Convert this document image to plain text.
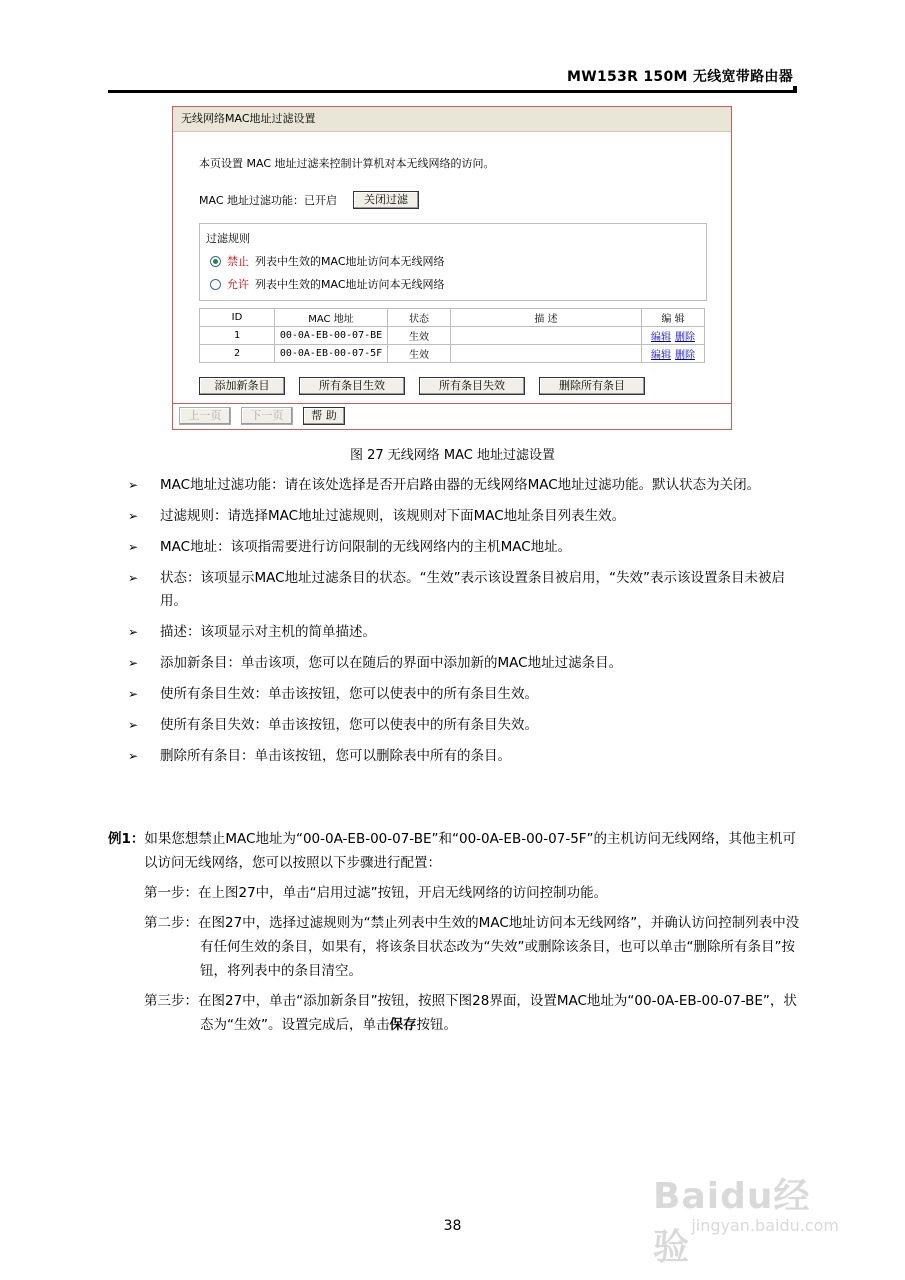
MW153R 150M 无线宽带路由器
无线网络MAC地址过滤设置
本页设置 MAC 地址过滤来控制计算机对本无线网络的访问。
MAC 地址过滤功能：已开启	关闭过滤
过滤规则
禁止 列表中生效的MAC地址访问本无线网络
允许 列表中生效的MAC地址访问本无线网络
ID	MAC 地址	状态	描 述	编 辑
1	00-0A-EB-00-07-BE	生效		编辑 删除
2	00-0A-EB-00-07-5F	生效		编辑 删除
添加新条目	所有条目生效	所有条目失效	删除所有条目
上一页	下一页	帮 助
图 27 无线网络 MAC 地址过滤设置
➢ MAC地址过滤功能：请在该处选择是否开启路由器的无线网络MAC地址过滤功能。默认状态为关闭。
➢ 过滤规则：请选择MAC地址过滤规则，该规则对下面MAC地址条目列表生效。
➢ MAC地址：该项指需要进行访问限制的无线网络内的主机MAC地址。
➢ 状态：该项显示MAC地址过滤条目的状态。“生效”表示该设置条目被启用，“失效”表示该设置条目未被启用。
➢ 描述：该项显示对主机的简单描述。
➢ 添加新条目：单击该项，您可以在随后的界面中添加新的MAC地址过滤条目。
➢ 使所有条目生效：单击该按钮，您可以使表中的所有条目生效。
➢ 使所有条目失效：单击该按钮，您可以使表中的所有条目失效。
➢ 删除所有条目：单击该按钮，您可以删除表中所有的条目。
例1：如果您想禁止MAC地址为“00-0A-EB-00-07-BE”和“00-0A-EB-00-07-5F”的主机访问无线网络，其他主机可以访问无线网络，您可以按照以下步骤进行配置：
第一步：在上图27中，单击“启用过滤”按钮，开启无线网络的访问控制功能。
第二步：在图27中，选择过滤规则为“禁止列表中生效的MAC地址访问本无线网络”，并确认访问控制列表中没有任何生效的条目，如果有，将该条目状态改为“失效”或删除该条目，也可以单击“删除所有条目”按钮，将列表中的条目清空。
第三步：在图27中，单击“添加新条目”按钮，按照下图28界面，设置MAC地址为“00-0A-EB-00-07-BE”，状态为“生效”。设置完成后，单击保存按钮。
Baidu经验
jingyan.baidu.com
38
